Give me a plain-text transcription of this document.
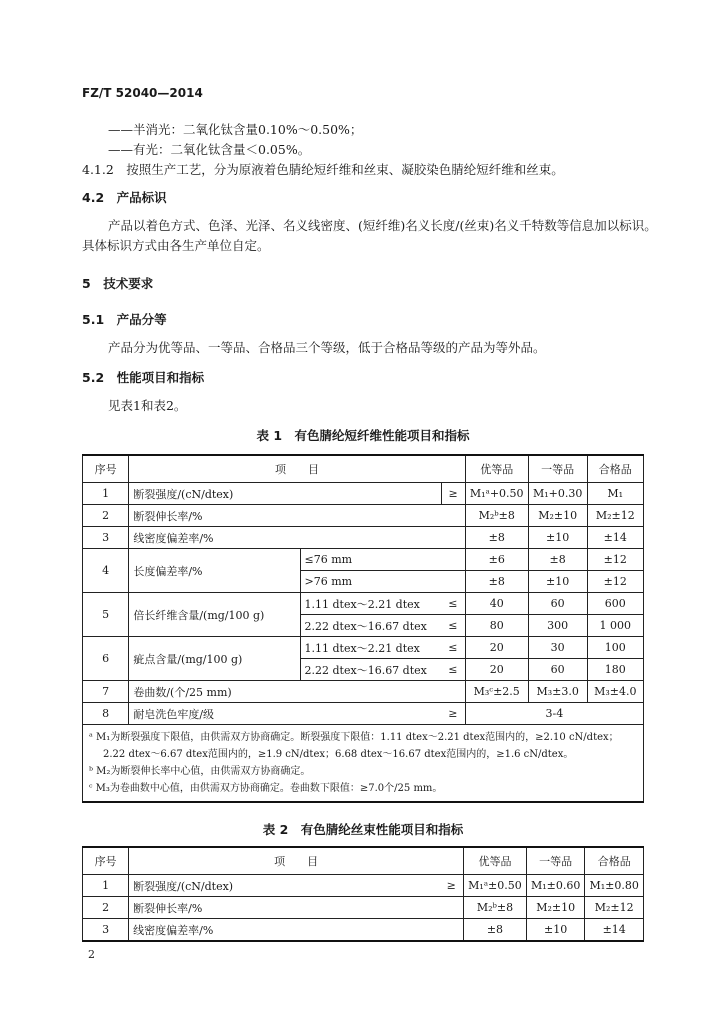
FZ/T 52040—2014
——半消光：二氧化钛含量0.10%～0.50%；
——有光：二氧化钛含量＜0.05%。
4.1.2　按照生产工艺，分为原液着色腈纶短纤维和丝束、凝胶染色腈纶短纤维和丝束。
4.2　产品标识
产品以着色方式、色泽、光泽、名义线密度、(短纤维)名义长度/(丝束)名义千特数等信息加以标识。
具体标识方式由各生产单位自定。
5　技术要求
5.1　产品分等
产品分为优等品、一等品、合格品三个等级，低于合格品等级的产品为等外品。
5.2　性能项目和指标
见表1和表2。
表 1　有色腈纶短纤维性能项目和指标
序号	项　　目			优等品	一等品	合格品
1	断裂强度/(cN/dtex)		≥	M₁ᵃ+0.50	M₁+0.30	M₁
2	断裂伸长率/%			M₂ᵇ±8	M₂±10	M₂±12
3	线密度偏差率/%			±8	±10	±14
4	长度偏差率/%	≤76 mm		±6	±8	±12
		>76 mm		±8	±10	±12
5	倍长纤维含量/(mg/100 g)	1.11 dtex～2.21 dtex	≤	40	60	600
		2.22 dtex～16.67 dtex	≤	80	300	1 000
6	疵点含量/(mg/100 g)	1.11 dtex～2.21 dtex	≤	20	30	100
		2.22 dtex～16.67 dtex	≤	20	60	180
7	卷曲数/(个/25 mm)			M₃ᶜ±2.5	M₃±3.0	M₃±4.0
8	耐皂洗色牢度/级		≥	3-4		

ᵃ M₁为断裂强度下限值，由供需双方协商确定。断裂强度下限值：1.11 dtex～2.21 dtex范围内的，≥2.10 cN/dtex；
2.22 dtex～6.67 dtex范围内的，≥1.9 cN/dtex；6.68 dtex～16.67 dtex范围内的，≥1.6 cN/dtex。
ᵇ M₂为断裂伸长率中心值，由供需双方协商确定。
ᶜ M₃为卷曲数中心值，由供需双方协商确定。卷曲数下限值：≥7.0个/25 mm。						
表 2　有色腈纶丝束性能项目和指标
序号	项　　目		优等品	一等品	合格品
1	断裂强度/(cN/dtex)	≥	M₁ᵃ±0.50	M₁±0.60	M₁±0.80
2	断裂伸长率/%		M₂ᵇ±8	M₂±10	M₂±12
3	线密度偏差率/%		±8	±10	±14
2
